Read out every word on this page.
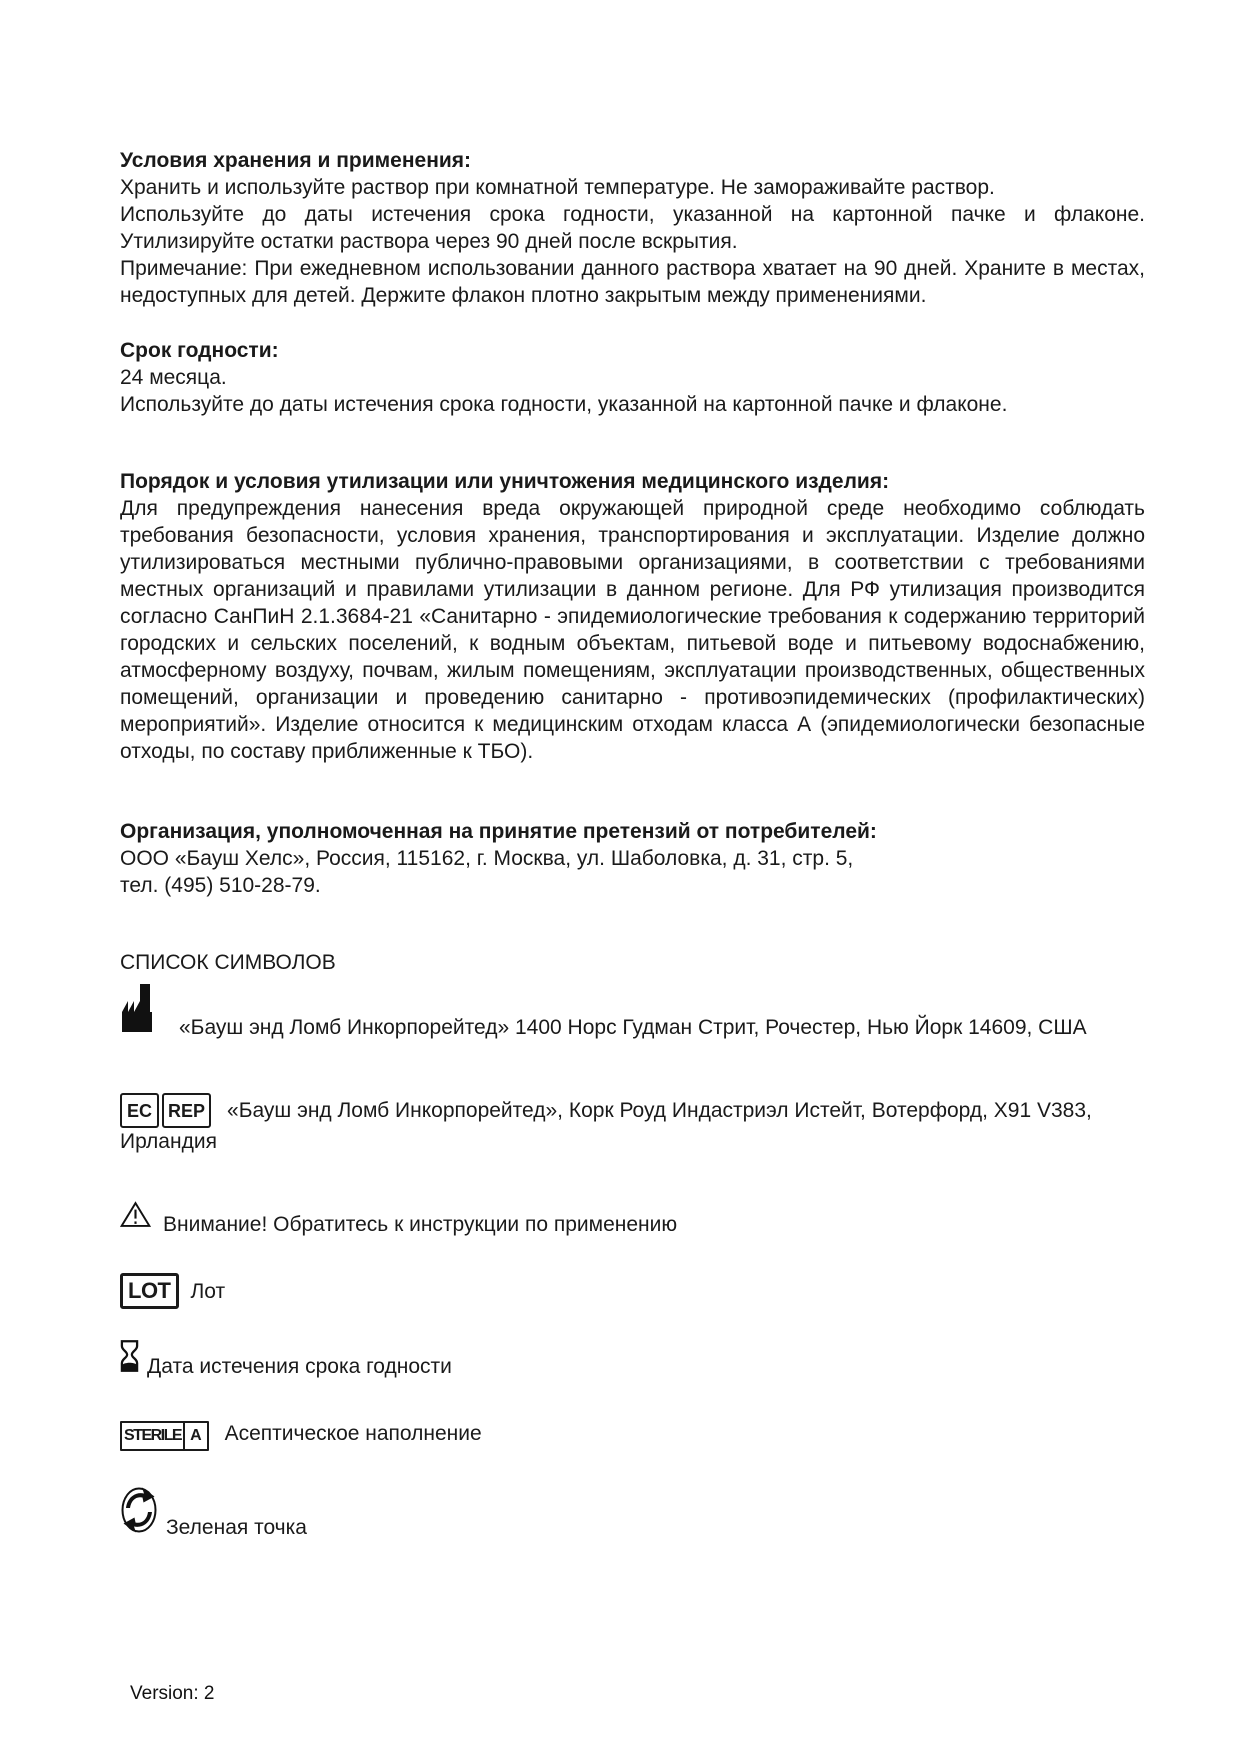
Условия хранения и применения:

Хранить и используйте раствор при комнатной температуре. Не замораживайте раствор.

Используйте до даты истечения срока годности, указанной на картонной пачке и флаконе. Утилизируйте остатки раствора через 90 дней после вскрытия.

Примечание: При ежедневном использовании данного раствора хватает на 90 дней. Храните в местах, недоступных для детей. Держите флакон плотно закрытым между применениями.

Срок годности:

24 месяца.

Используйте до даты истечения срока годности, указанной на картонной пачке и флаконе.

Порядок и условия утилизации или уничтожения медицинского изделия:

Для предупреждения нанесения вреда окружающей природной среде необходимо соблюдать требования безопасности, условия хранения, транспортирования и эксплуатации. Изделие должно утилизироваться местными публично-правовыми организациями, в соответствии с требованиями местных организаций и правилами утилизации в данном регионе. Для РФ утилизация производится согласно СанПиН 2.1.3684-21 «Санитарно - эпидемиологические требования к содержанию территорий городских и сельских поселений, к водным объектам, питьевой воде и питьевому водоснабжению, атмосферному воздуху, почвам, жилым помещениям, эксплуатации производственных, общественных помещений, организации и проведению санитарно - противоэпидемических (профилактических) мероприятий». Изделие относится к медицинским отходам класса А (эпидемиологически безопасные отходы, по составу приближенные к ТБО).

Организация, уполномоченная на принятие претензий от потребителей:

ООО «Бауш Хелс», Россия, 115162, г. Москва, ул. Шаболовка, д. 31, стр. 5,

тел. (495) 510-28-79.

СПИСОК СИМВОЛОВ

«Бауш энд Ломб Инкорпорейтед» 1400 Норс Гудман Стрит, Рочестер, Нью Йорк 14609, США

EC REP «Бауш энд Ломб Инкорпорейтед», Корк Роуд Индастриэл Истейт, Вотерфорд, X91 V383, Ирландия

Внимание! Обратитесь к инструкции по применению

LOT Лот

Дата истечения срока годности

STERILE A Асептическое наполнение

Зеленая точка

Version: 2
